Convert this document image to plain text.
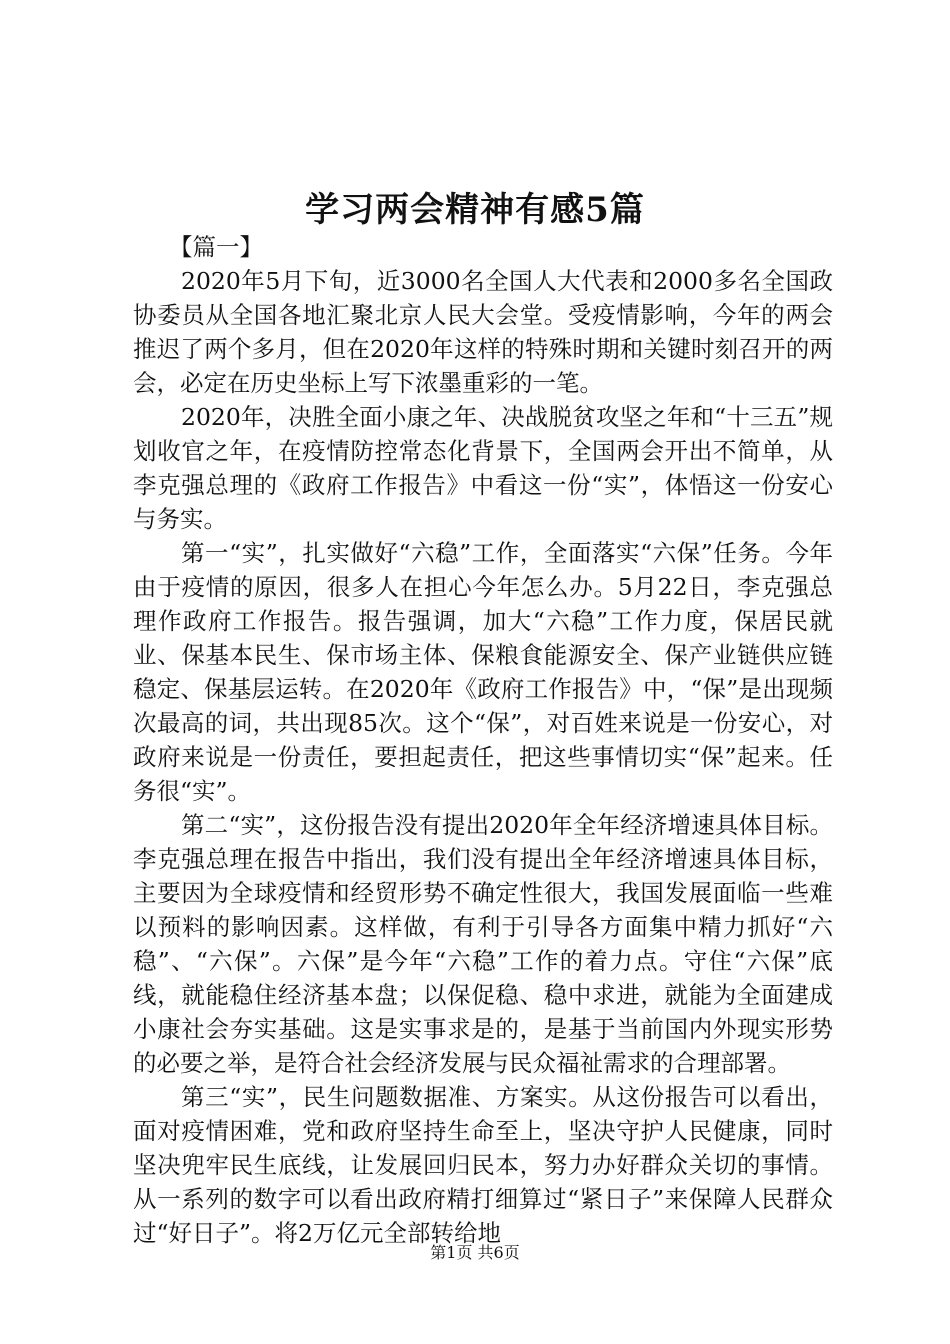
学习两会精神有感5篇

【篇一】

2020年5月下旬，近3000名全国人大代表和2000多名全国政协委员从全国各地汇聚北京人民大会堂。受疫情影响，今年的两会推迟了两个多月，但在2020年这样的特殊时期和关键时刻召开的两会，必定在历史坐标上写下浓墨重彩的一笔。

2020年，决胜全面小康之年、决战脱贫攻坚之年和“十三五”规划收官之年，在疫情防控常态化背景下，全国两会开出不简单，从李克强总理的《政府工作报告》中看这一份“实”，体悟这一份安心与务实。

第一“实”，扎实做好“六稳”工作，全面落实“六保”任务。今年由于疫情的原因，很多人在担心今年怎么办。5月22日，李克强总理作政府工作报告。报告强调，加大“六稳”工作力度，保居民就业、保基本民生、保市场主体、保粮食能源安全、保产业链供应链稳定、保基层运转。在2020年《政府工作报告》中，“保”是出现频次最高的词，共出现85次。这个“保”，对百姓来说是一份安心，对政府来说是一份责任，要担起责任，把这些事情切实“保”起来。任务很“实”。

第二“实”，这份报告没有提出2020年全年经济增速具体目标。李克强总理在报告中指出，我们没有提出全年经济增速具体目标，主要因为全球疫情和经贸形势不确定性很大，我国发展面临一些难以预料的影响因素。这样做，有利于引导各方面集中精力抓好“六稳”、“六保”。六保”是今年“六稳”工作的着力点。守住“六保”底线，就能稳住经济基本盘；以保促稳、稳中求进，就能为全面建成小康社会夯实基础。这是实事求是的，是基于当前国内外现实形势的必要之举，是符合社会经济发展与民众福祉需求的合理部署。

第三“实”，民生问题数据准、方案实。从这份报告可以看出，面对疫情困难，党和政府坚持生命至上，坚决守护人民健康，同时坚决兜牢民生底线，让发展回归民本，努力办好群众关切的事情。从一系列的数字可以看出政府精打细算过“紧日子”来保障人民群众过“好日子”。将2万亿元全部转给地

第1页 共6页
